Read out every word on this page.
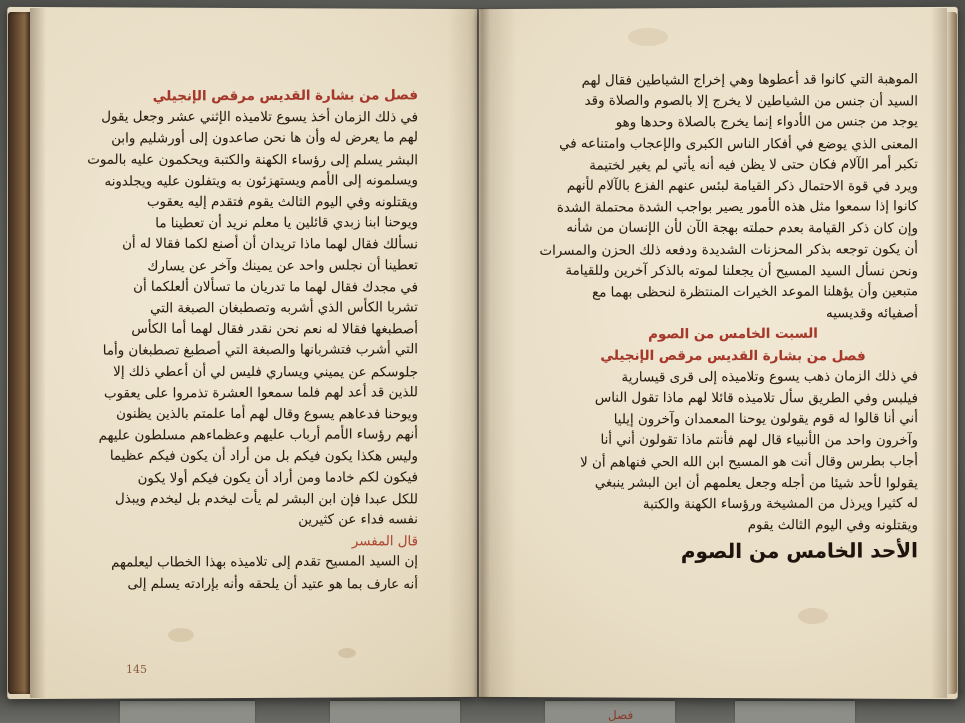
فصل من بشارة القديس مرقص الإنجيلي
في ذلك الزمان أخذ يسوع تلاميذه الإثني عشر وجعل يقول
لهم ما يعرض له وأن ها نحن صاعدون إلى أورشليم وابن
البشر يسلم إلى رؤساء الكهنة والكتبة ويحكمون عليه بالموت
ويسلمونه إلى الأمم ويستهزئون به ويتفلون عليه ويجلدونه
ويقتلونه وفي اليوم الثالث يقوم فتقدم إليه يعقوب
ويوحنا ابنا زبدي قائلين يا معلم نريد أن تعطينا ما
نسألك فقال لهما ماذا تريدان أن أصنع لكما فقالا له أن
تعطينا أن نجلس واحد عن يمينك وآخر عن يسارك
في مجدك فقال لهما ما تدريان ما تسألان ألعلكما أن
تشربا الكأس الذي أشربه وتصطبغان الصبغة التي
أصطبغها فقالا له نعم نحن نقدر فقال لهما أما الكأس
التي أشرب فتشربانها والصبغة التي أصطبغ تصطبغان وأما
جلوسكم عن يميني ويساري فليس لي أن أعطي ذلك إلا
للذين قد أعد لهم فلما سمعوا العشرة تذمروا على يعقوب
ويوحنا فدعاهم يسوع وقال لهم أما علمتم بالذين يظنون
أنهم رؤساء الأمم أرباب عليهم وعظماءهم مسلطون عليهم
وليس هكذا يكون فيكم بل من أراد أن يكون فيكم عظيما
فيكون لكم خادما ومن أراد أن يكون فيكم أولا يكون
للكل عبدا فإن ابن البشر لم يأت ليخدم بل ليخدم ويبذل
نفسه فداء عن كثيرين
قال المفسر
إن السيد المسيح تقدم إلى تلاميذه بهذا الخطاب ليعلمهم
أنه عارف بما هو عتيد أن يلحقه وأنه بإرادته يسلم إلى
الموهبة التي كانوا قد أعطوها وهي إخراج الشياطين فقال لهم
السيد أن جنس من الشياطين لا يخرج إلا بالصوم والصلاة وقد
يوجد من جنس من الأدواء إنما يخرج بالصلاة وحدها وهو
المعنى الذي يوضع في أفكار الناس الكبرى والإعجاب وامتناعه في
تكبر أمر الآلام فكان حتى لا يظن فيه أنه يأتي لم يغير لختيمة
ويرد في قوة الاحتمال ذكر القيامة لبئس عنهم الفزع بالآلام لأنهم
كانوا إذا سمعوا مثل هذه الأمور يصير بواجب الشدة محتملة الشدة
وإن كان ذكر القيامة بعدم حملته بهجة الآن لأن الإنسان من شأنه
أن يكون توجعه بذكر المحزنات الشديدة ودفعه ذلك الحزن والمسرات
ونحن نسأل السيد المسيح أن يجعلنا لموته بالذكر آخرين وللقيامة
متبعين وأن يؤهلنا الموعد الخيرات المنتظرة لنحظى بهما مع
أصفيائه وقديسيه
السبت الخامس من الصوم
فصل من بشارة القديس مرقص الإنجيلي
في ذلك الزمان ذهب يسوع وتلاميذه إلى قرى قيسارية
فيلبس وفي الطريق سأل تلاميذه قائلا لهم ماذا تقول الناس
أني أنا قالوا له قوم يقولون يوحنا المعمدان وآخرون إيليا
وآخرون واحد من الأنبياء قال لهم فأنتم ماذا تقولون أني أنا
أجاب بطرس وقال أنت هو المسيح ابن الله الحي فنهاهم أن لا
يقولوا لأحد شيئا من أجله وجعل يعلمهم أن ابن البشر ينبغي
له كثيرا ويرذل من المشيخة ورؤساء الكهنة والكتبة
ويقتلونه وفي اليوم الثالث يقوم
الأحد الخامس من الصوم
145
فصل
